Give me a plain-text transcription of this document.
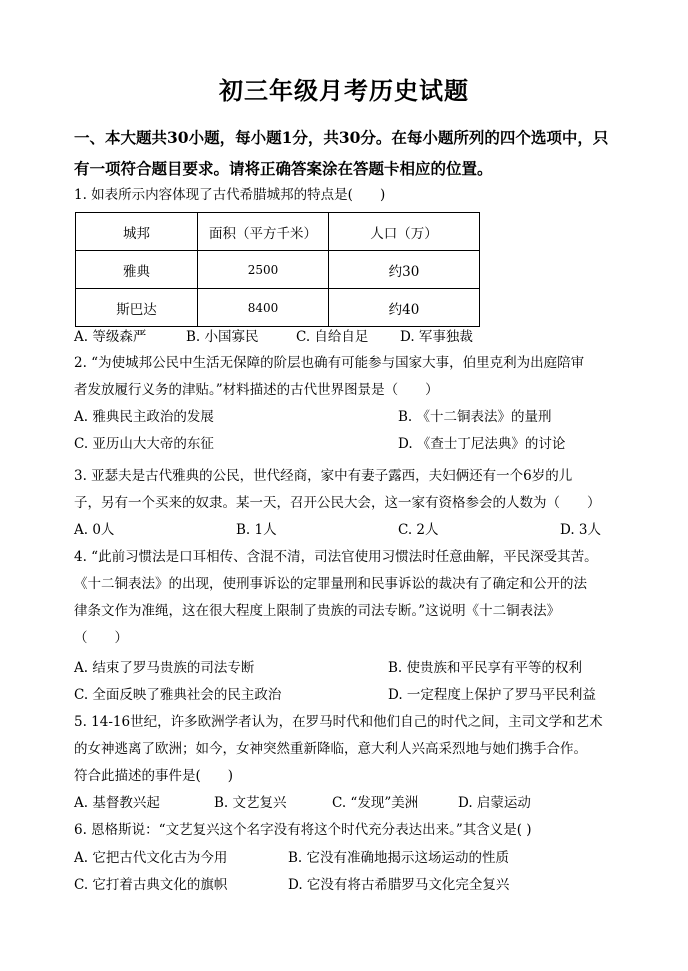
初三年级月考历史试题
一、本大题共30小题，每小题1分，共30分。在每小题所列的四个选项中，只有一项符合题目要求。请将正确答案涂在答题卡相应的位置。
1. 如表所示内容体现了古代希腊城邦的特点是(　　)
城邦	面积（平方千米）	人口（万）
雅典	2500	约30
斯巴达	8400	约40
A. 等级森严	B. 小国寡民	C. 自给自足 D. 军事独裁
2. “为使城邦公民中生活无保障的阶层也确有可能参与国家大事，伯里克利为出庭陪审
者发放履行义务的津贴。”材料描述的古代世界图景是（　　）
A. 雅典民主政治的发展	B. 《十二铜表法》的量刑
C. 亚历山大大帝的东征	D. 《查士丁尼法典》的讨论
3. 亚瑟夫是古代雅典的公民，世代经商，家中有妻子露西，夫妇俩还有一个6岁的儿
子，另有一个买来的奴隶。某一天，召开公民大会，这一家有资格参会的人数为（　　）
A. 0人	B. 1人	C. 2人	D. 3人
4. “此前习惯法是口耳相传、含混不清，司法官使用习惯法时任意曲解，平民深受其苦。
《十二铜表法》的出现，使刑事诉讼的定罪量刑和民事诉讼的裁决有了确定和公开的法
律条文作为准绳，这在很大程度上限制了贵族的司法专断。”这说明《十二铜表法》
（　　）
A. 结束了罗马贵族的司法专断	B. 使贵族和平民享有平等的权利
C. 全面反映了雅典社会的民主政治	D. 一定程度上保护了罗马平民利益
5. 14-16世纪，许多欧洲学者认为，在罗马时代和他们自己的时代之间，主司文学和艺术
的女神逃离了欧洲；如今，女神突然重新降临，意大利人兴高采烈地与她们携手合作。
符合此描述的事件是(　　)
A. 基督教兴起	B. 文艺复兴	C. “发现”美洲	D. 启蒙运动
6. 恩格斯说：“文艺复兴这个名字没有将这个时代充分表达出来。”其含义是( )
A. 它把古代文化古为今用	B. 它没有准确地揭示这场运动的性质
C. 它打着古典文化的旗帜	D. 它没有将古希腊罗马文化完全复兴
